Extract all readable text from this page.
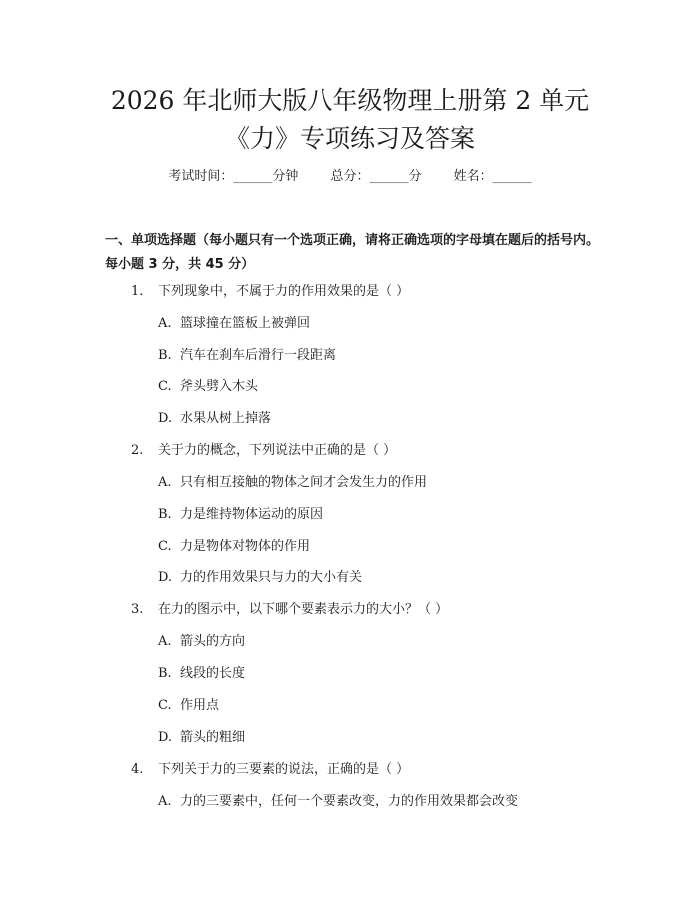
2026 年北师大版八年级物理上册第 2 单元
《力》专项练习及答案
考试时间：______分钟 总分：______分 姓名：______
一、单项选择题（每小题只有一个选项正确，请将正确选项的字母填在题后的括号内。每小题 3 分，共 45 分）
1. 下列现象中，不属于力的作用效果的是（ ）
A. 篮球撞在篮板上被弹回
B. 汽车在刹车后滑行一段距离
C. 斧头劈入木头
D. 水果从树上掉落
2. 关于力的概念，下列说法中正确的是（ ）
A. 只有相互接触的物体之间才会发生力的作用
B. 力是维持物体运动的原因
C. 力是物体对物体的作用
D. 力的作用效果只与力的大小有关
3. 在力的图示中，以下哪个要素表示力的大小？（ ）
A. 箭头的方向
B. 线段的长度
C. 作用点
D. 箭头的粗细
4. 下列关于力的三要素的说法，正确的是（ ）
A. 力的三要素中，任何一个要素改变，力的作用效果都会改变
